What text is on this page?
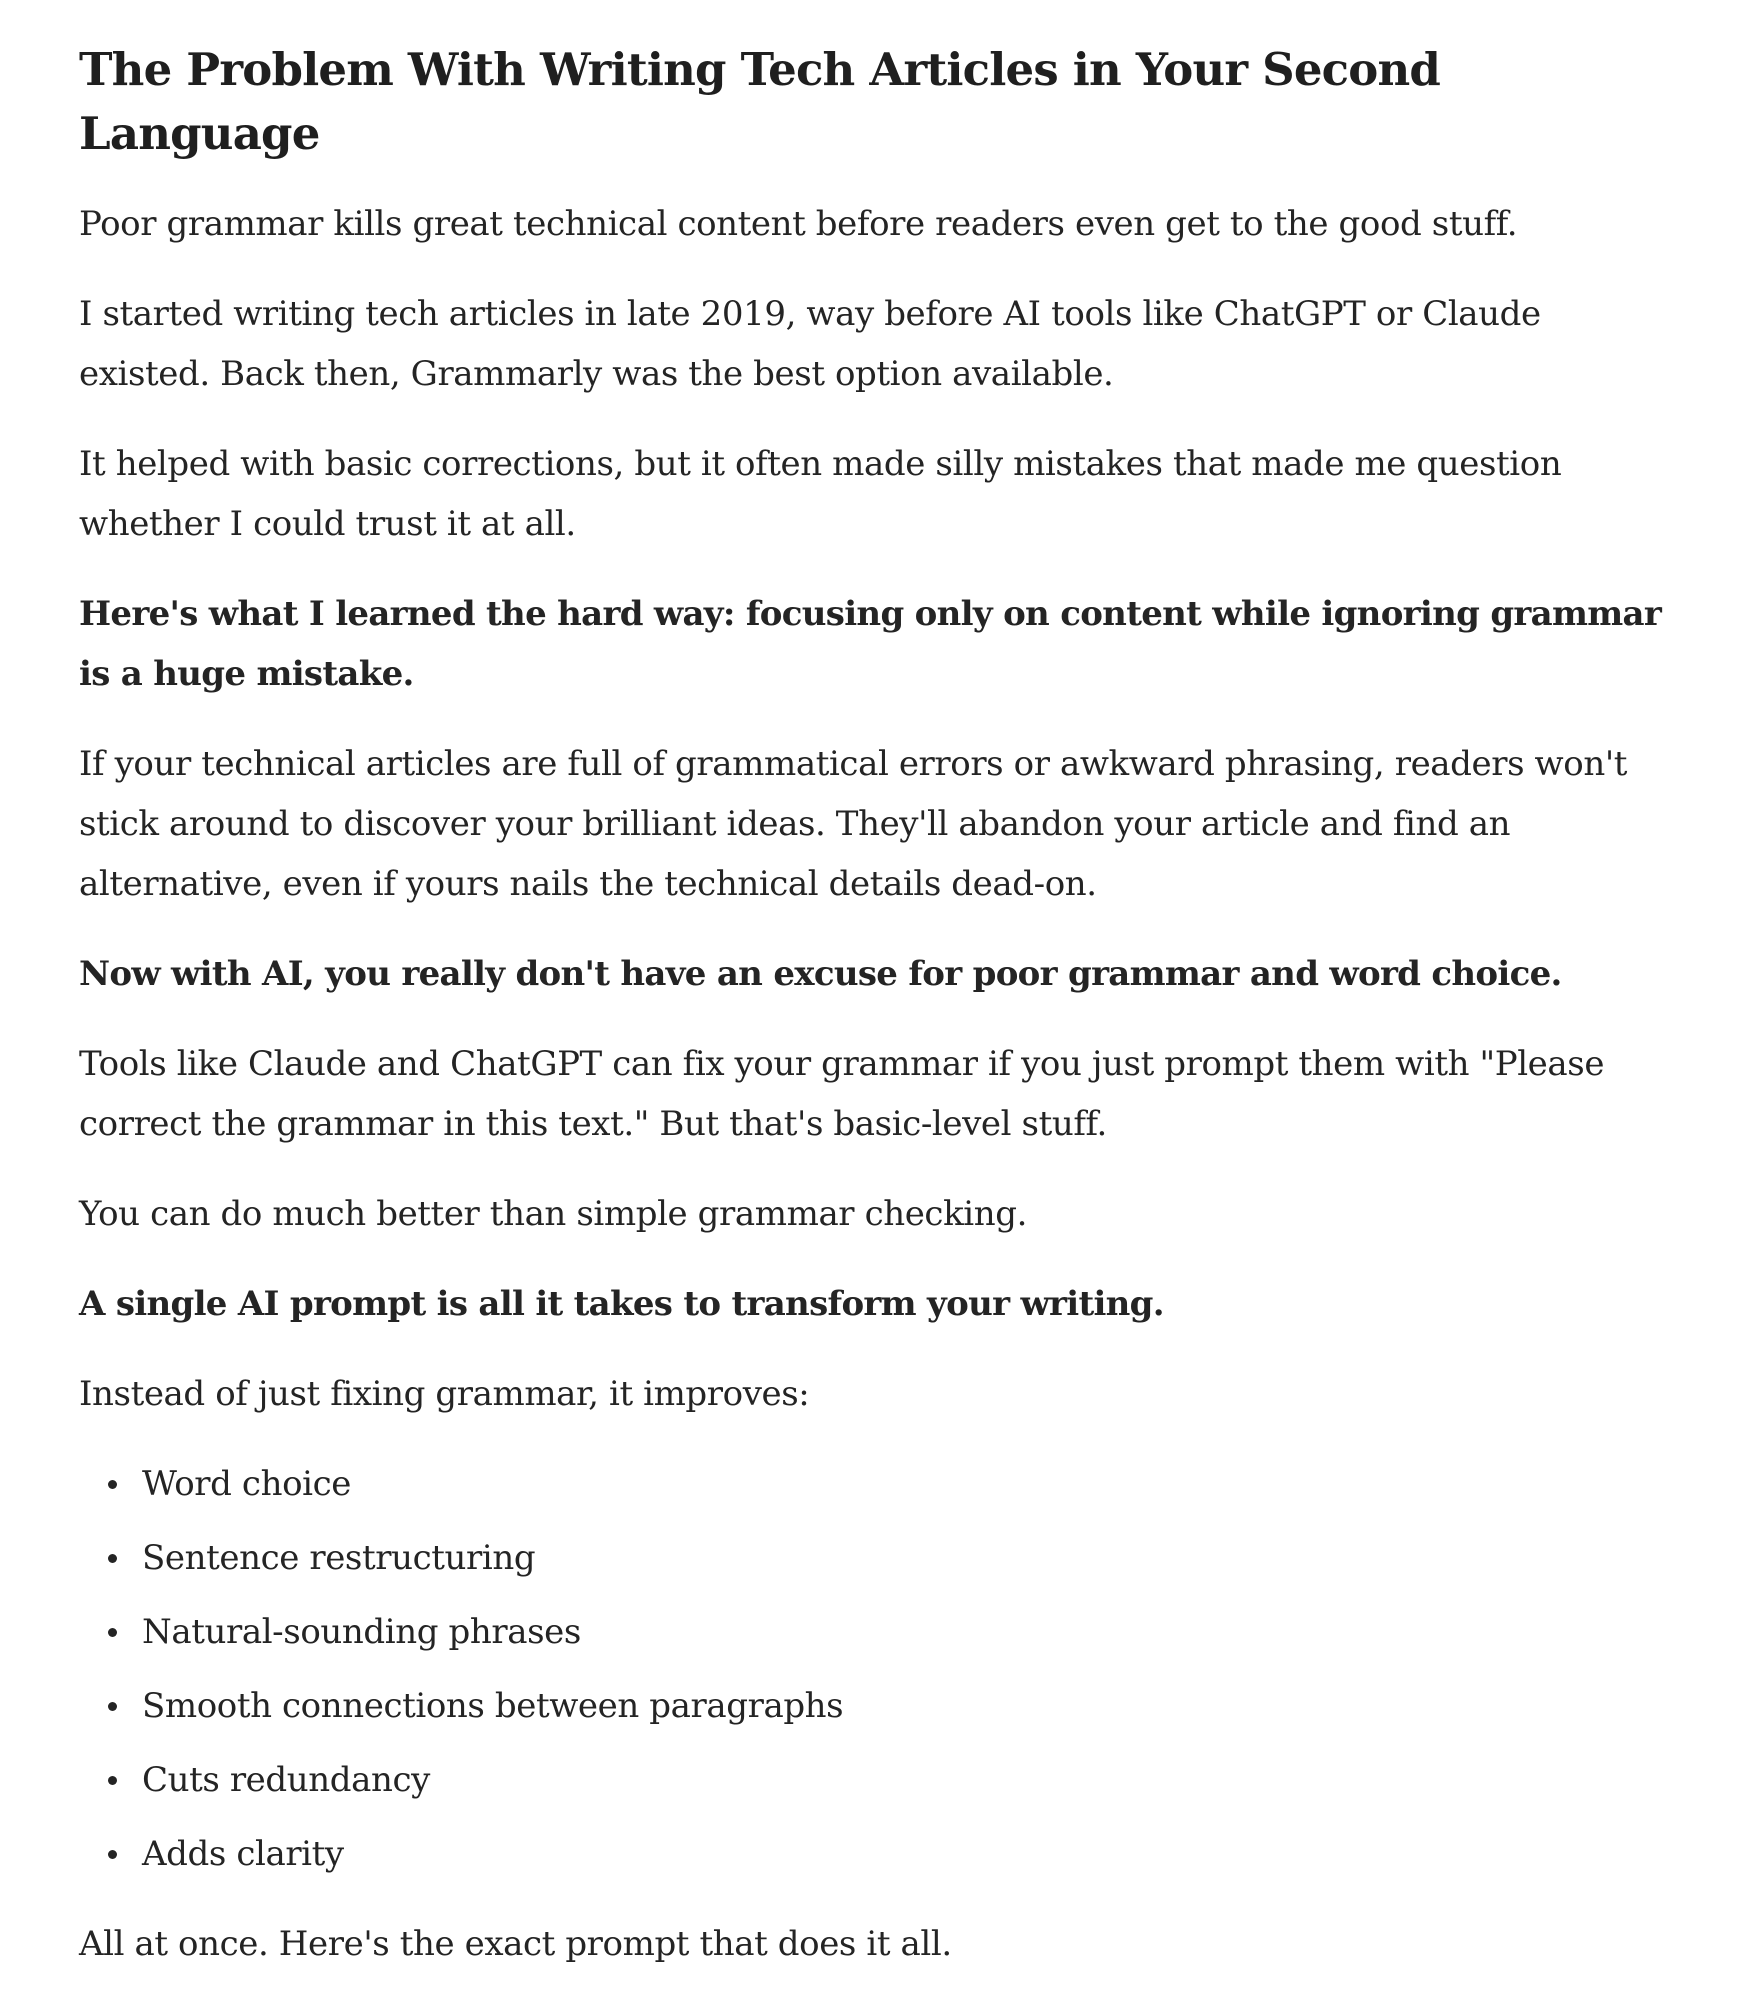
The Problem With Writing Tech Articles in Your Second Language

Poor grammar kills great technical content before readers even get to the good stuff.

I started writing tech articles in late 2019, way before AI tools like ChatGPT or Claude existed. Back then, Grammarly was the best option available.

It helped with basic corrections, but it often made silly mistakes that made me question whether I could trust it at all.

Here's what I learned the hard way: focusing only on content while ignoring grammar is a huge mistake.

If your technical articles are full of grammatical errors or awkward phrasing, readers won't stick around to discover your brilliant ideas. They'll abandon your article and find an alternative, even if yours nails the technical details dead-on.

Now with AI, you really don't have an excuse for poor grammar and word choice.

Tools like Claude and ChatGPT can fix your grammar if you just prompt them with "Please correct the grammar in this text." But that's basic-level stuff.

You can do much better than simple grammar checking.

A single AI prompt is all it takes to transform your writing.

Instead of just fixing grammar, it improves:

Word choice
Sentence restructuring
Natural-sounding phrases
Smooth connections between paragraphs
Cuts redundancy
Adds clarity

All at once. Here's the exact prompt that does it all.
